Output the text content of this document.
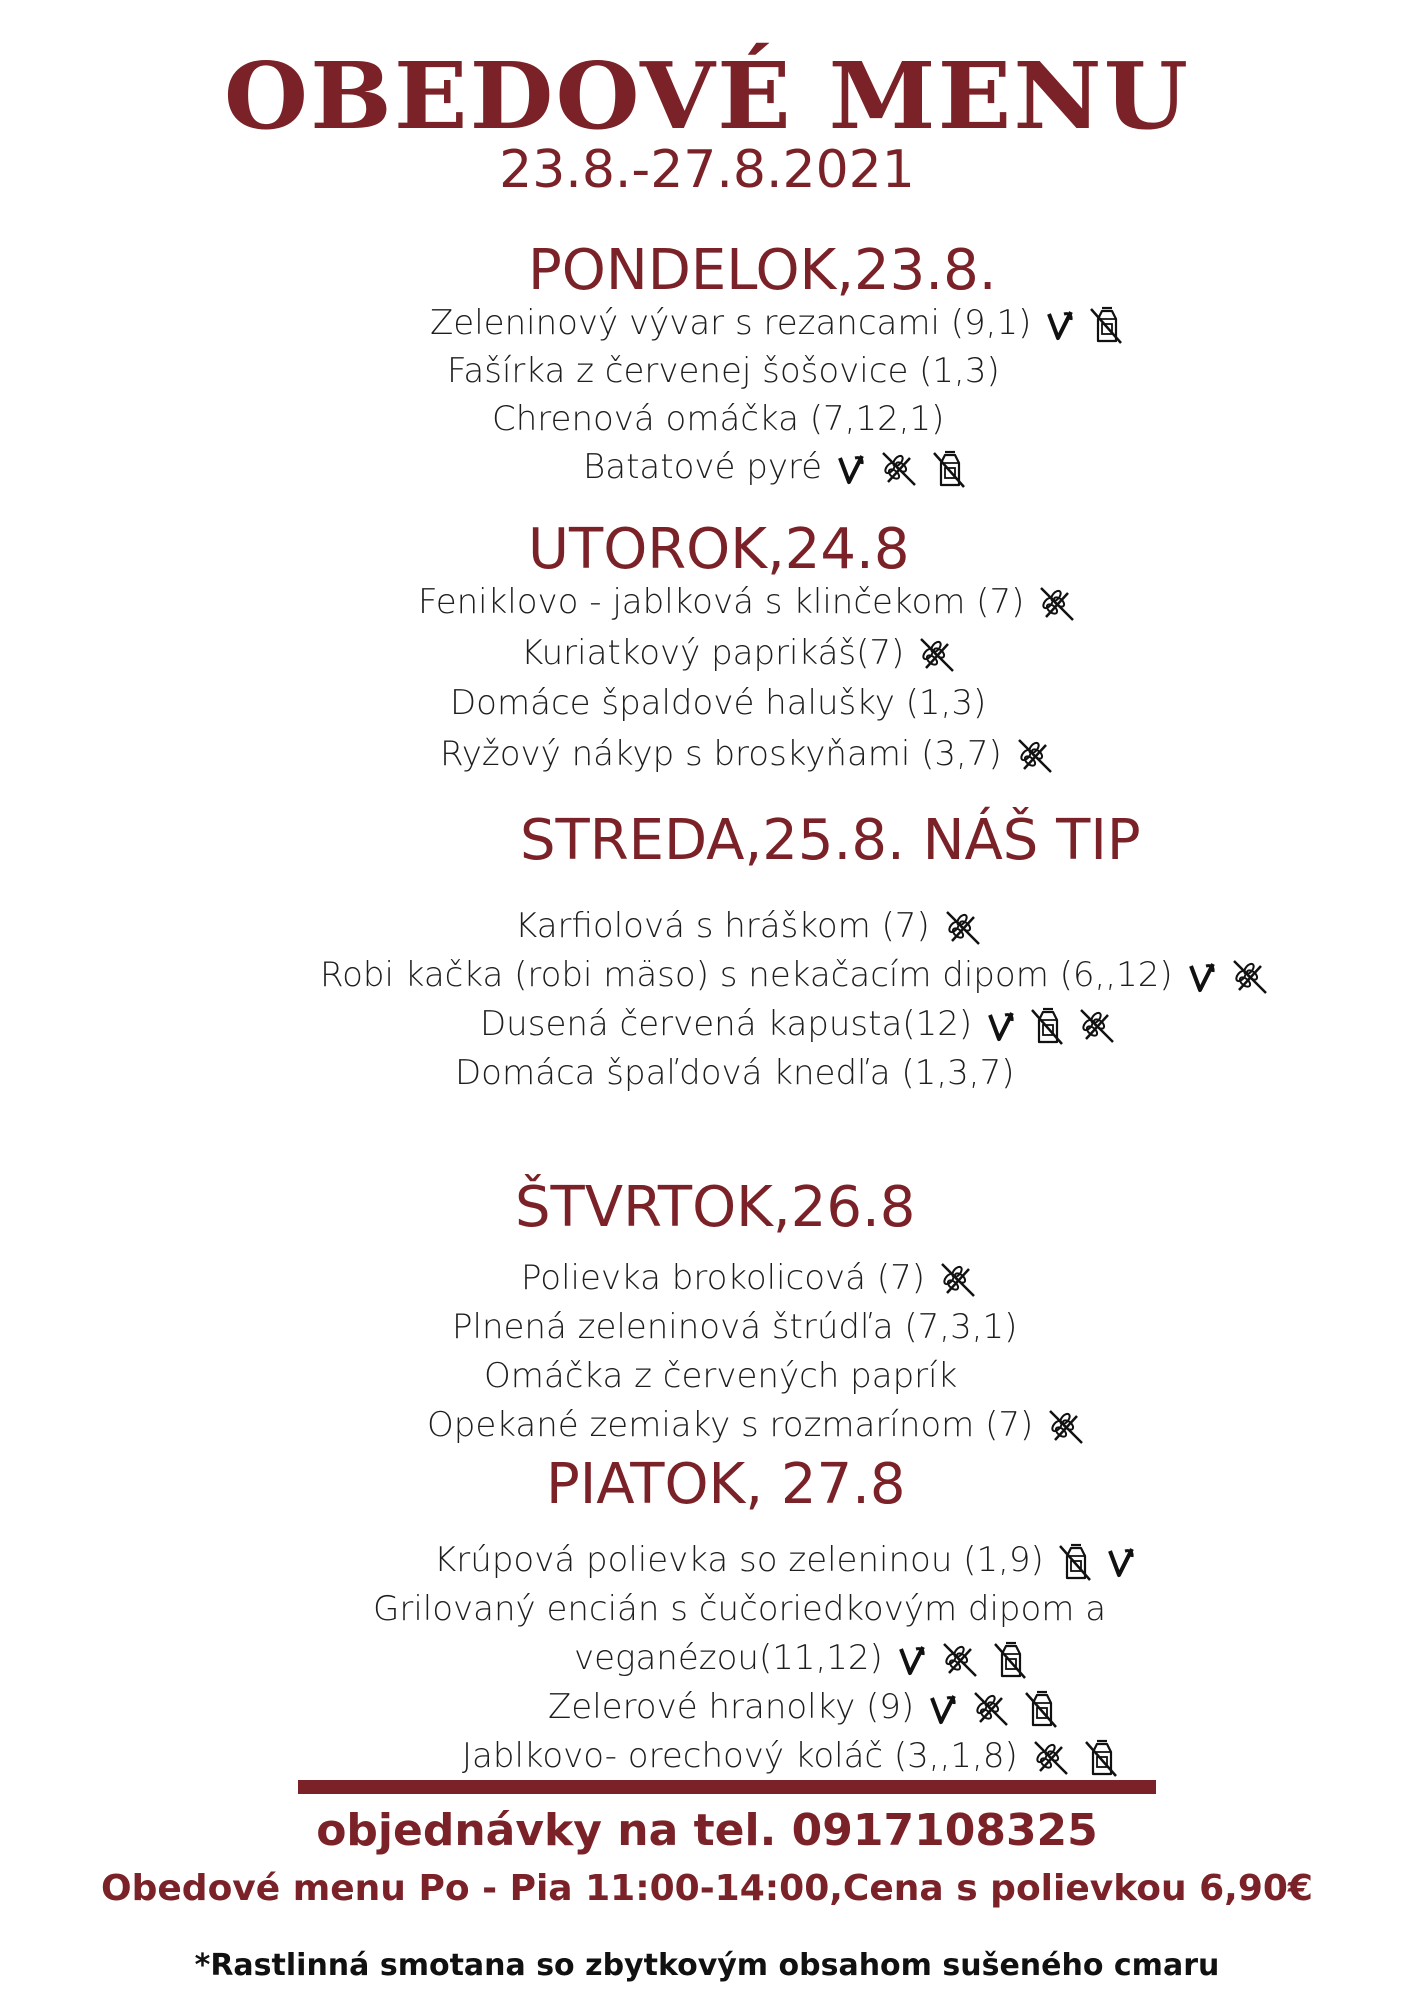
OBEDOVÉ MENU
23.8.-27.8.2021
PONDELOK,23.8.
Zeleninový vývar s rezancami (9,1)
Fašírka z červenej šošovice (1,3)
Chrenová omáčka (7,12,1)
Batatové pyré
UTOROK,24.8
Feniklovo - jablková s klinčekom (7)
Kuriatkový paprikáš(7)
Domáce špaldové halušky (1,3)
Ryžový nákyp s broskyňami (3,7)
STREDA,25.8. NÁŠ TIP
Karfiolová s hráškom (7)
Robi kačka (robi mäso) s nekačacím dipom (6,,12)
Dusená červená kapusta(12)
Domáca špaľdová knedľa (1,3,7)
ŠTVRTOK,26.8
Polievka brokolicová (7)
Plnená zeleninová štrúdľa (7,3,1)
Omáčka z červených paprík
Opekané zemiaky s rozmarínom (7)
PIATOK, 27.8
Krúpová polievka so zeleninou (1,9)
Grilovaný encián s čučoriedkovým dipom a
veganézou(11,12)
Zelerové hranolky (9)
Jablkovo- orechový koláč (3,,1,8)
objednávky na tel. 0917108325
Obedové menu Po - Pia 11:00-14:00,Cena s polievkou 6,90€
*Rastlinná smotana so zbytkovým obsahom sušeného cmaru
